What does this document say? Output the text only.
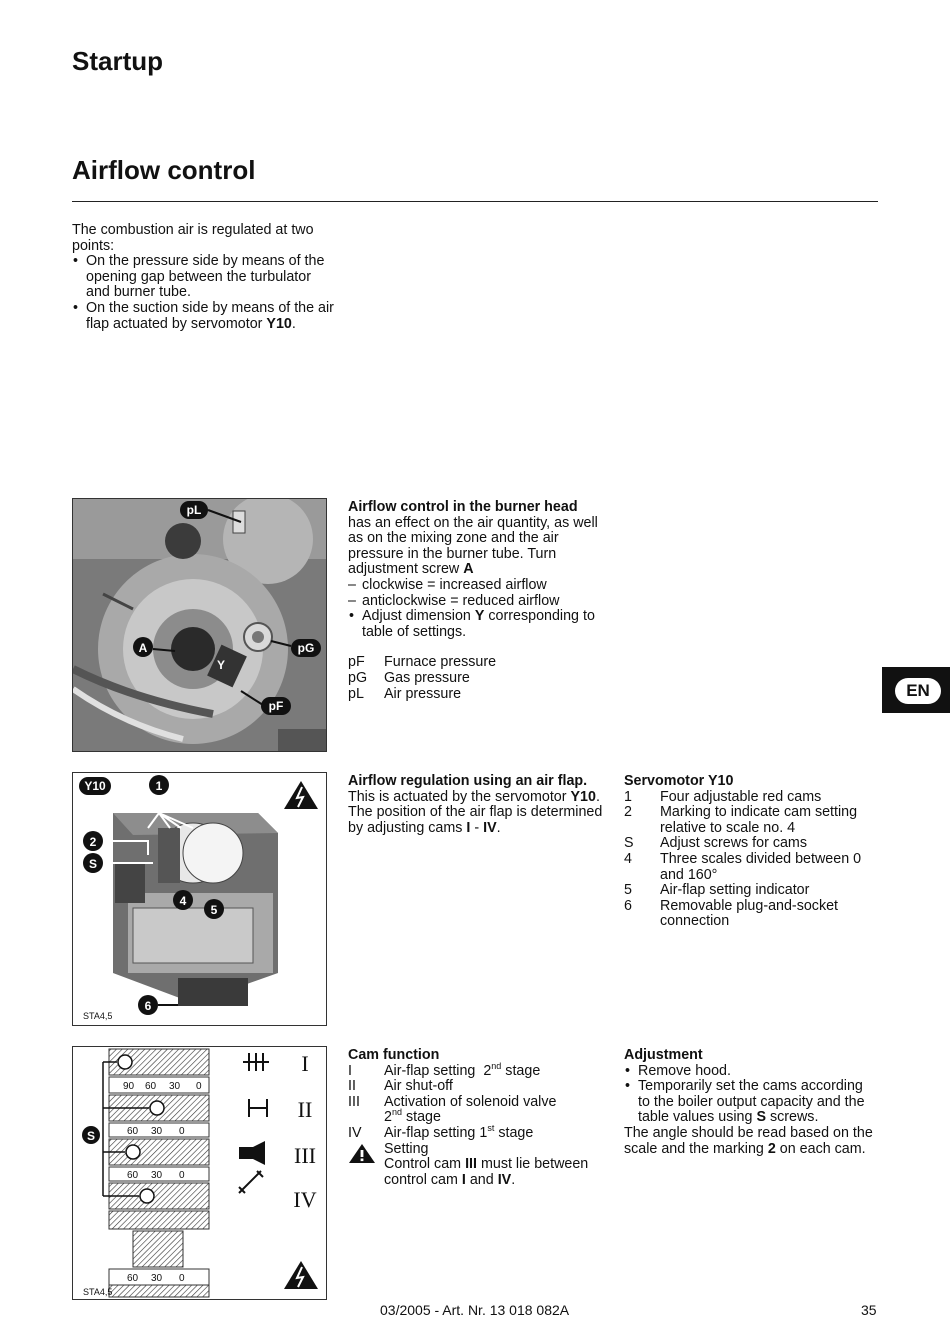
Startup
Airflow control
The combustion air is regulated at two points:
• On the pressure side by means of the opening gap between the turbulator and burner tube.
• On the suction side by means of the air flap actuated by servomotor Y10.
pL
A	pG
Y
pF
Airflow control in the burner head
has an effect on the air quantity, as well as on the mixing zone and the air pressure in the burner tube. Turn adjustment screw A
– clockwise = increased airflow
– anticlockwise = reduced airflow
• Adjust dimension Y corresponding to table of settings.
pF	Furnace pressure
pG	Gas pressure
pL	Air pressure	EN
Y10	1
2
S
4
5
6
STA4,5
Airflow regulation using an air flap.
This is actuated by the servomotor Y10.
The position of the air flap is determined by adjusting cams I - IV.
Servomotor Y10
1	Four adjustable red cams
2	Marking to indicate cam setting relative to scale no. 4
S	Adjust screws for cams
4	Three scales divided between 0 and 160°
5	Air-flap setting indicator
6	Removable plug-and-socket connection
S
90 60 30 0
60 30 0
60 30 0
60 30 0
I
II
III
IV
STA4,5
Cam function
I	Air-flap setting 2nd stage
II	Air shut-off
III	Activation of solenoid valve
2nd stage
IV	Air-flap setting 1st stage
Setting
Control cam III must lie between control cam I and IV.
Adjustment
• Remove hood.
• Temporarily set the cams according to the boiler output capacity and the table values using S screws.
The angle should be read based on the scale and the marking 2 on each cam.
03/2005 - Art. Nr. 13 018 082A	35
